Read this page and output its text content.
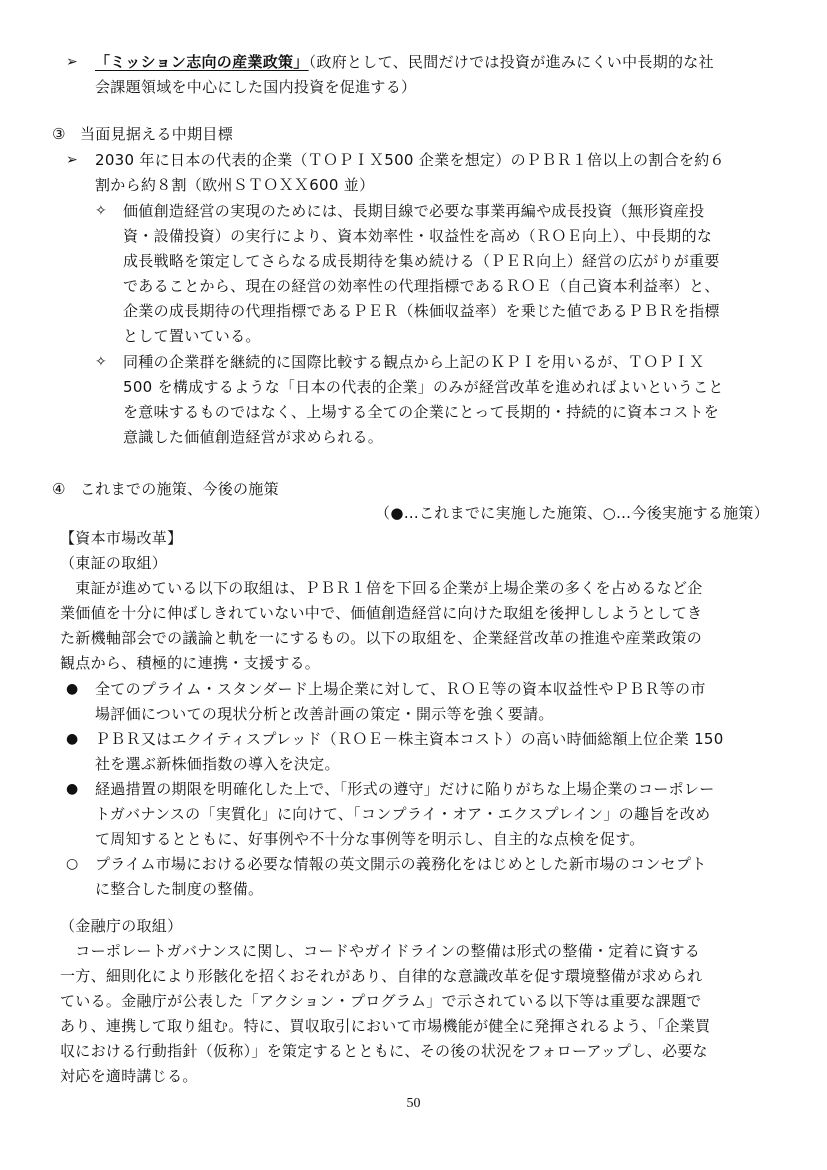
➢ 「ミッション志向の産業政策」（政府として、民間だけでは投資が進みにくい中長期的な社
会課題領域を中心にした国内投資を促進する）
③ 当面見据える中期目標
➢ 2030 年に日本の代表的企業（ＴＯＰＩＸ500 企業を想定）のＰＢＲ１倍以上の割合を約６
割から約８割（欧州ＳＴＯＸＸ600 並）
✧ 価値創造経営の実現のためには、長期目線で必要な事業再編や成長投資（無形資産投
資・設備投資）の実行により、資本効率性・収益性を高め（ＲＯＥ向上）、中長期的な
成長戦略を策定してさらなる成長期待を集め続ける（ＰＥＲ向上）経営の広がりが重要
であることから、現在の経営の効率性の代理指標であるＲＯＥ（自己資本利益率）と、
企業の成長期待の代理指標であるＰＥＲ（株価収益率）を乗じた値であるＰＢＲを指標
として置いている。
✧ 同種の企業群を継続的に国際比較する観点から上記のＫＰＩを用いるが、ＴＯＰＩＸ
500 を構成するような「日本の代表的企業」のみが経営改革を進めればよいということ
を意味するものではなく、上場する全ての企業にとって長期的・持続的に資本コストを
意識した価値創造経営が求められる。
④ これまでの施策、今後の施策
（●…これまでに実施した施策、○…今後実施する施策）
【資本市場改革】
（東証の取組）
　東証が進めている以下の取組は、ＰＢＲ１倍を下回る企業が上場企業の多くを占めるなど企
業価値を十分に伸ばしきれていない中で、価値創造経営に向けた取組を後押ししようとしてき
た新機軸部会での議論と軌を一にするもの。以下の取組を、企業経営改革の推進や産業政策の
観点から、積極的に連携・支援する。
● 全てのプライム・スタンダード上場企業に対して、ＲＯＥ等の資本収益性やＰＢＲ等の市
場評価についての現状分析と改善計画の策定・開示等を強く要請。
● ＰＢＲ又はエクイティスプレッド（ＲＯＥ－株主資本コスト）の高い時価総額上位企業 150
社を選ぶ新株価指数の導入を決定。
● 経過措置の期限を明確化した上で、「形式の遵守」だけに陥りがちな上場企業のコーポレー
トガバナンスの「実質化」に向けて、「コンプライ・オア・エクスプレイン」の趣旨を改め
て周知するとともに、好事例や不十分な事例等を明示し、自主的な点検を促す。
○ プライム市場における必要な情報の英文開示の義務化をはじめとした新市場のコンセプト
に整合した制度の整備。
（金融庁の取組）
　コーポレートガバナンスに関し、コードやガイドラインの整備は形式の整備・定着に資する
一方、細則化により形骸化を招くおそれがあり、自律的な意識改革を促す環境整備が求められ
ている。金融庁が公表した「アクション・プログラム」で示されている以下等は重要な課題で
あり、連携して取り組む。特に、買収取引において市場機能が健全に発揮されるよう、「企業買
収における行動指針（仮称）」を策定するとともに、その後の状況をフォローアップし、必要な
対応を適時講じる。
50
